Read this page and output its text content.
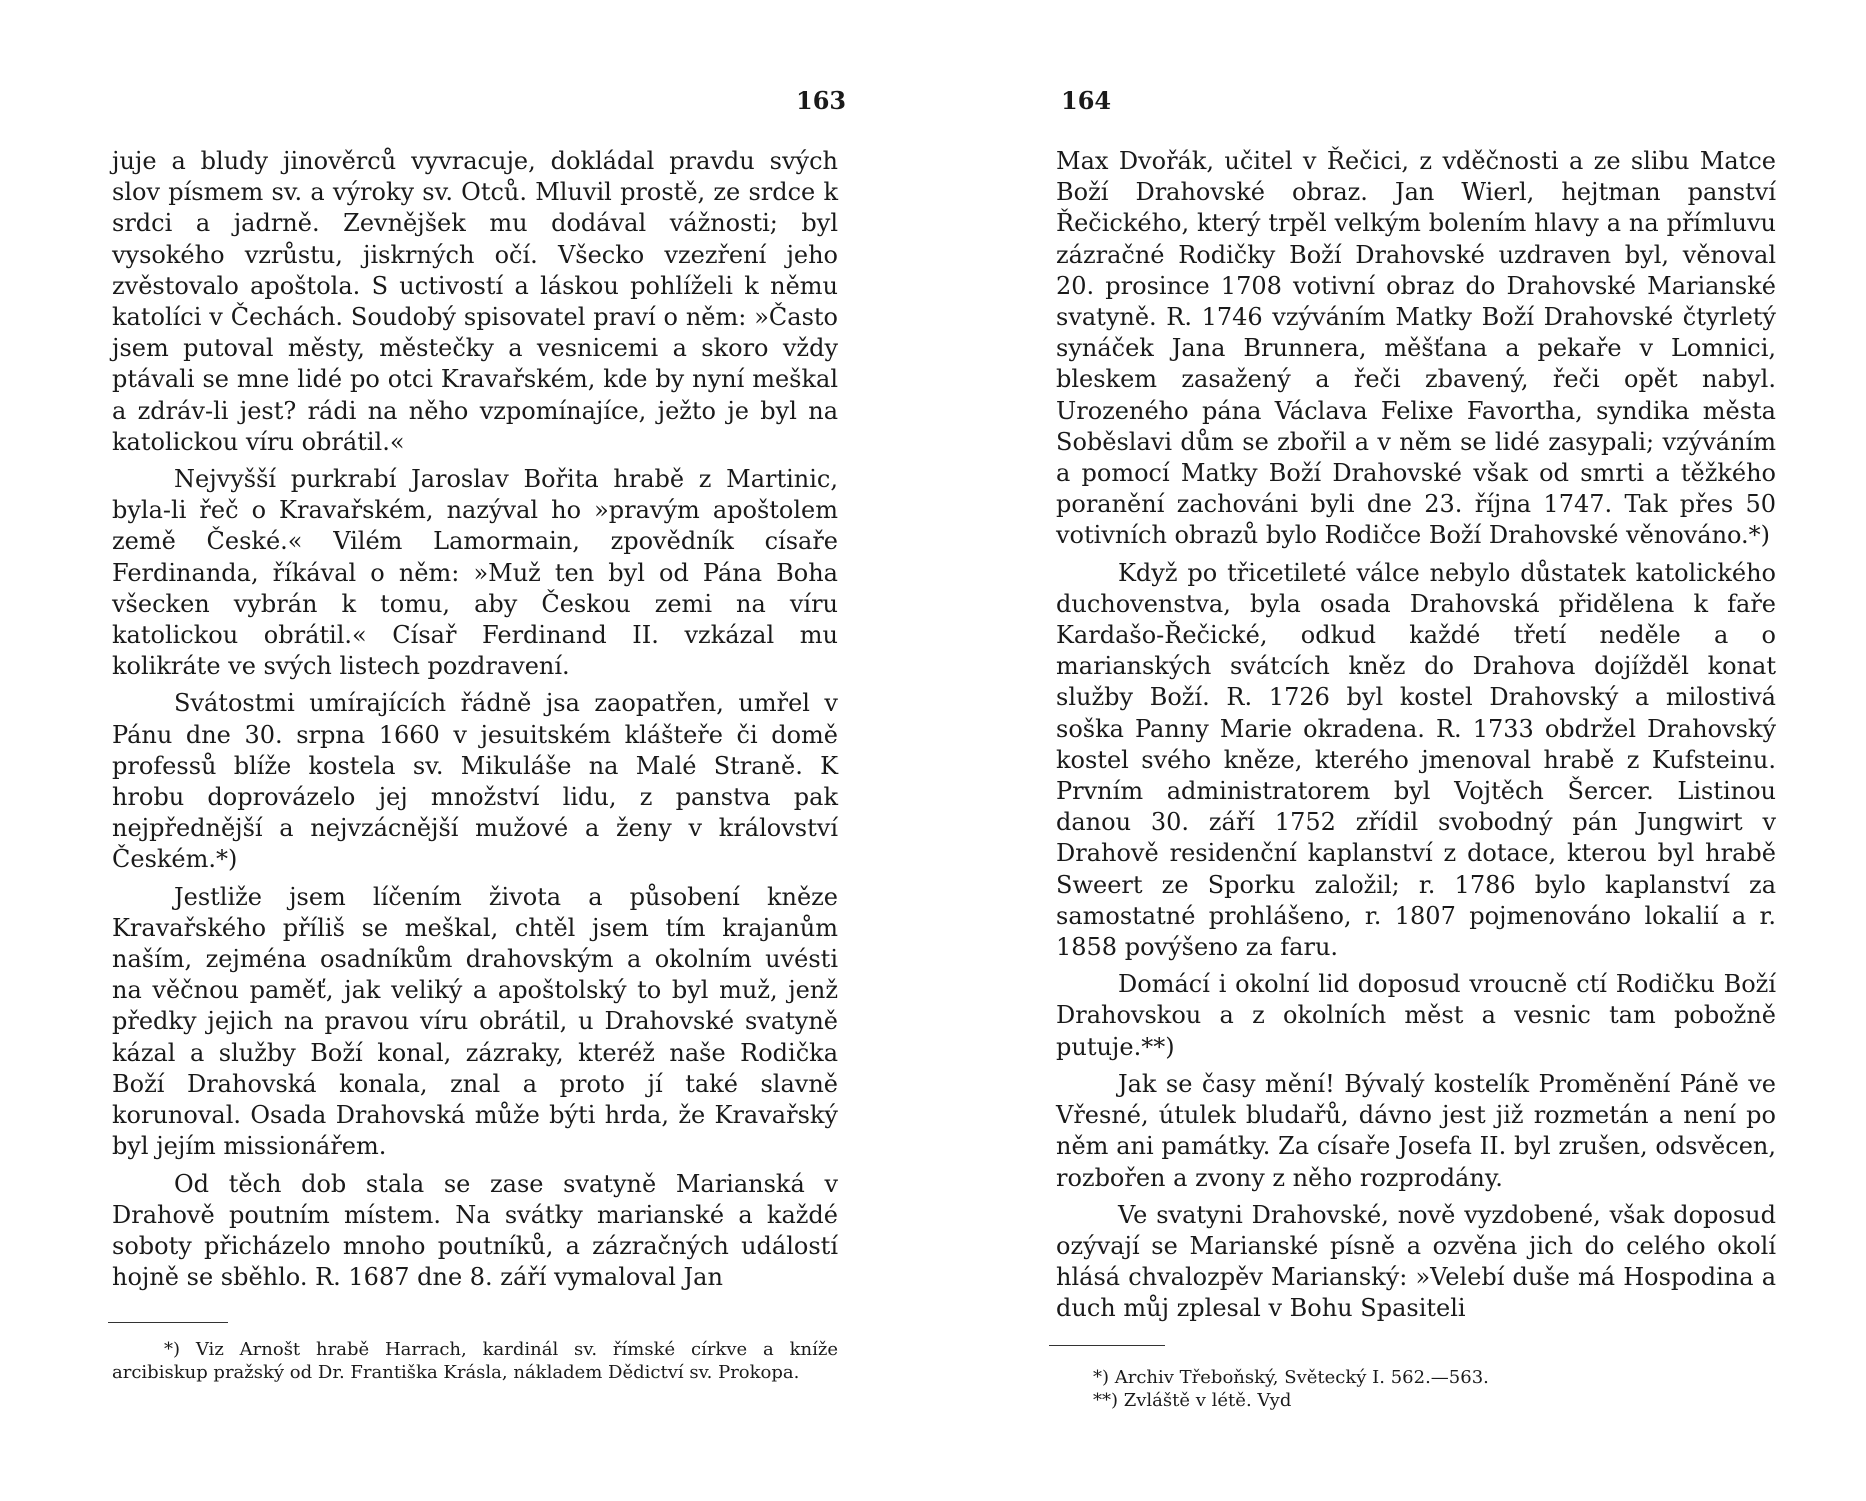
163

juje a bludy jinověrců vyvracuje, dokládal pravdu svých slov písmem sv. a výroky sv. Otců. Mluvil prostě, ze srdce k srdci a jadrně. Zevnějšek mu dodával vážnosti; byl vysokého vzrůstu, jiskrných očí. Všecko vzezření jeho zvěstovalo apoštola. S uctivostí a láskou pohlíželi k němu katolíci v Čechách. Soudobý spisovatel praví o něm: »Často jsem putoval městy, městečky a vesnicemi a skoro vždy ptávali se mne lidé po otci Kravařském, kde by nyní meškal a zdráv-li jest? rádi na něho vzpomínajíce, ježto je byl na katolickou víru obrátil.«

Nejvyšší purkrabí Jaroslav Bořita hrabě z Martinic, byla-li řeč o Kravařském, nazýval ho »pravým apoštolem země České.« Vilém Lamormain, zpovědník císaře Ferdinanda, říkával o něm: »Muž ten byl od Pána Boha všecken vybrán k tomu, aby Českou zemi na víru katolickou obrátil.« Císař Ferdinand II. vzkázal mu kolikráte ve svých listech pozdravení.

Svátostmi umírajících řádně jsa zaopatřen, umřel v Pánu dne 30. srpna 1660 v jesuitském klášteře či domě professů blíže kostela sv. Mikuláše na Malé Straně. K hrobu doprovázelo jej množství lidu, z panstva pak nejpřednější a nejvzácnější mužové a ženy v království Českém.*)

Jestliže jsem líčením života a působení kněze Kravařského příliš se meškal, chtěl jsem tím krajanům naším, zejména osadníkům drahovským a okolním uvésti na věčnou paměť, jak veliký a apoštolský to byl muž, jenž předky jejich na pravou víru obrátil, u Drahovské svatyně kázal a služby Boží konal, zázraky, kteréž naše Rodička Boží Drahovská konala, znal a proto jí také slavně korunoval. Osada Drahovská může býti hrda, že Kravařský byl jejím missionářem.

Od těch dob stala se zase svatyně Marianská v Drahově poutním místem. Na svátky marianské a každé soboty přicházelo mnoho poutníků, a zázračných událostí hojně se sběhlo. R. 1687 dne 8. září vymaloval Jan

*) Viz Arnošt hrabě Harrach, kardinál sv. římské církve a kníže arcibiskup pražský od Dr. Františka Krásla, nákladem Dědictví sv. Prokopa.

164

Max Dvořák, učitel v Řečici, z vděčnosti a ze slibu Matce Boží Drahovské obraz. Jan Wierl, hejtman panství Řečického, který trpěl velkým bolením hlavy a na přímluvu zázračné Rodičky Boží Drahovské uzdraven byl, věnoval 20. prosince 1708 votivní obraz do Drahovské Marianské svatyně. R. 1746 vzýváním Matky Boží Drahovské čtyrletý synáček Jana Brunnera, měšťana a pekaře v Lomnici, bleskem zasažený a řeči zbavený, řeči opět nabyl. Urozeného pána Václava Felixe Favortha, syndika města Soběslavi dům se zbořil a v něm se lidé zasypali; vzýváním a pomocí Matky Boží Drahovské však od smrti a těžkého poranění zachováni byli dne 23. října 1747. Tak přes 50 votivních obrazů bylo Rodičce Boží Drahovské věnováno.*)

Když po třicetileté válce nebylo důstatek katolického duchovenstva, byla osada Drahovská přidělena k faře Kardašo-Řečické, odkud každé třetí neděle a o marianských svátcích kněz do Drahova dojížděl konat služby Boží. R. 1726 byl kostel Drahovský a milostivá soška Panny Marie okradena. R. 1733 obdržel Drahovský kostel svého kněze, kterého jmenoval hrabě z Kufsteinu. Prvním administratorem byl Vojtěch Šercer. Listinou danou 30. září 1752 zřídil svobodný pán Jungwirt v Drahově residenční kaplanství z dotace, kterou byl hrabě Sweert ze Sporku založil; r. 1786 bylo kaplanství za samostatné prohlášeno, r. 1807 pojmenováno lokalií a r. 1858 povýšeno za faru.

Domácí i okolní lid doposud vroucně ctí Rodičku Boží Drahovskou a z okolních měst a vesnic tam pobožně putuje.**)

Jak se časy mění! Bývalý kostelík Proměnění Páně ve Vřesné, útulek bludařů, dávno jest již rozmetán a není po něm ani památky. Za císaře Josefa II. byl zrušen, odsvěcen, rozbořen a zvony z něho rozprodány.

Ve svatyni Drahovské, nově vyzdobené, však doposud ozývají se Marianské písně a ozvěna jich do celého okolí hlásá chvalozpěv Marianský: »Velebí duše má Hospodina a duch můj zplesal v Bohu Spasiteli

*) Archiv Třeboňský, Světecký I. 562.—563.

**) Zvláště v létě. Vyd
